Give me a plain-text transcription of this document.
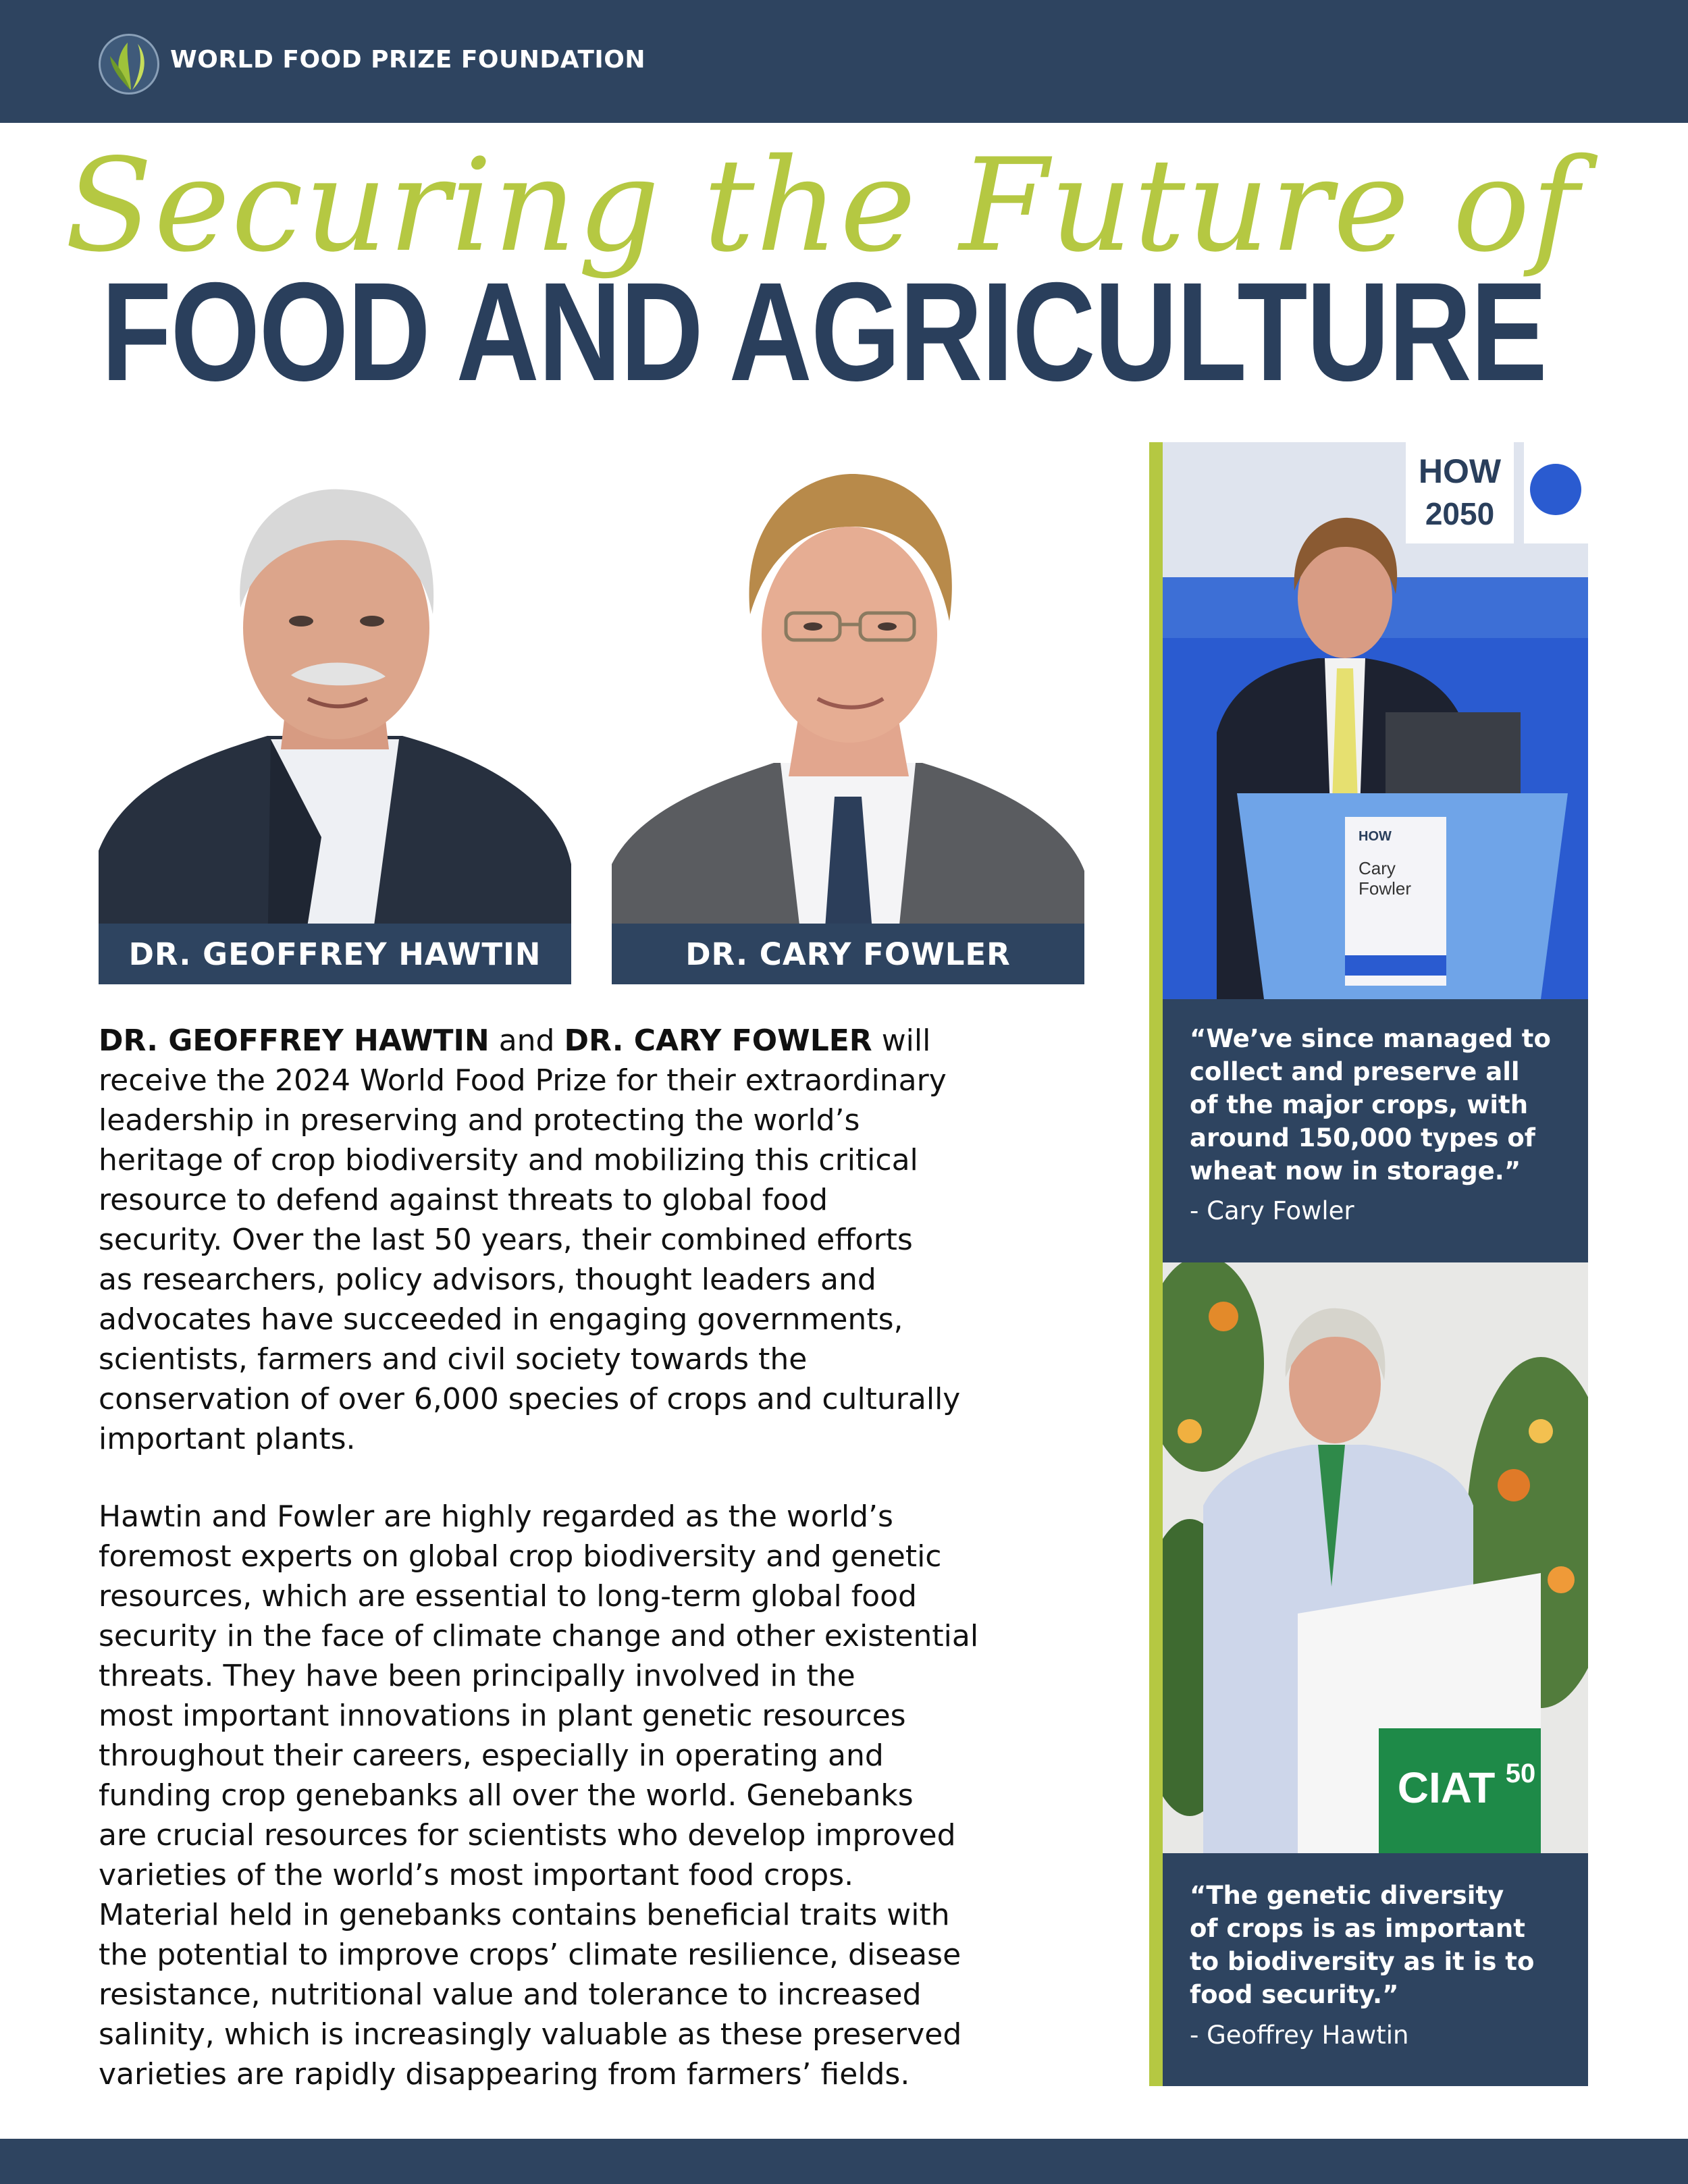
WORLD FOOD PRIZE FOUNDATION
Securing the Future of
FOOD AND AGRICULTURE
DR. GEOFFREY HAWTIN	DR. CARY FOWLER
DR. GEOFFREY HAWTIN and DR. CARY FOWLER will
receive the 2024 World Food Prize for their extraordinary
leadership in preserving and protecting the world’s
heritage of crop biodiversity and mobilizing this critical
resource to defend against threats to global food
security. Over the last 50 years, their combined efforts
as researchers, policy advisors, thought leaders and
advocates have succeeded in engaging governments,
scientists, farmers and civil society towards the
conservation of over 6,000 species of crops and culturally
important plants.
Hawtin and Fowler are highly regarded as the world’s
foremost experts on global crop biodiversity and genetic
resources, which are essential to long-term global food
security in the face of climate change and other existential
threats. They have been principally involved in the
most important innovations in plant genetic resources
throughout their careers, especially in operating and
funding crop genebanks all over the world. Genebanks
are crucial resources for scientists who develop improved
varieties of the world’s most important food crops.
Material held in genebanks contains beneficial traits with
the potential to improve crops’ climate resilience, disease
resistance, nutritional value and tolerance to increased
salinity, which is increasingly valuable as these preserved
varieties are rapidly disappearing from farmers’ fields.
HOW
2050
HOW
Cary
Fowler
“We’ve since managed to
collect and preserve all
of the major crops, with
around 150,000 types of
wheat now in storage.”
- Cary Fowler
CIAT 50
“The genetic diversity
of crops is as important
to biodiversity as it is to
food security.”
- Geoffrey Hawtin
